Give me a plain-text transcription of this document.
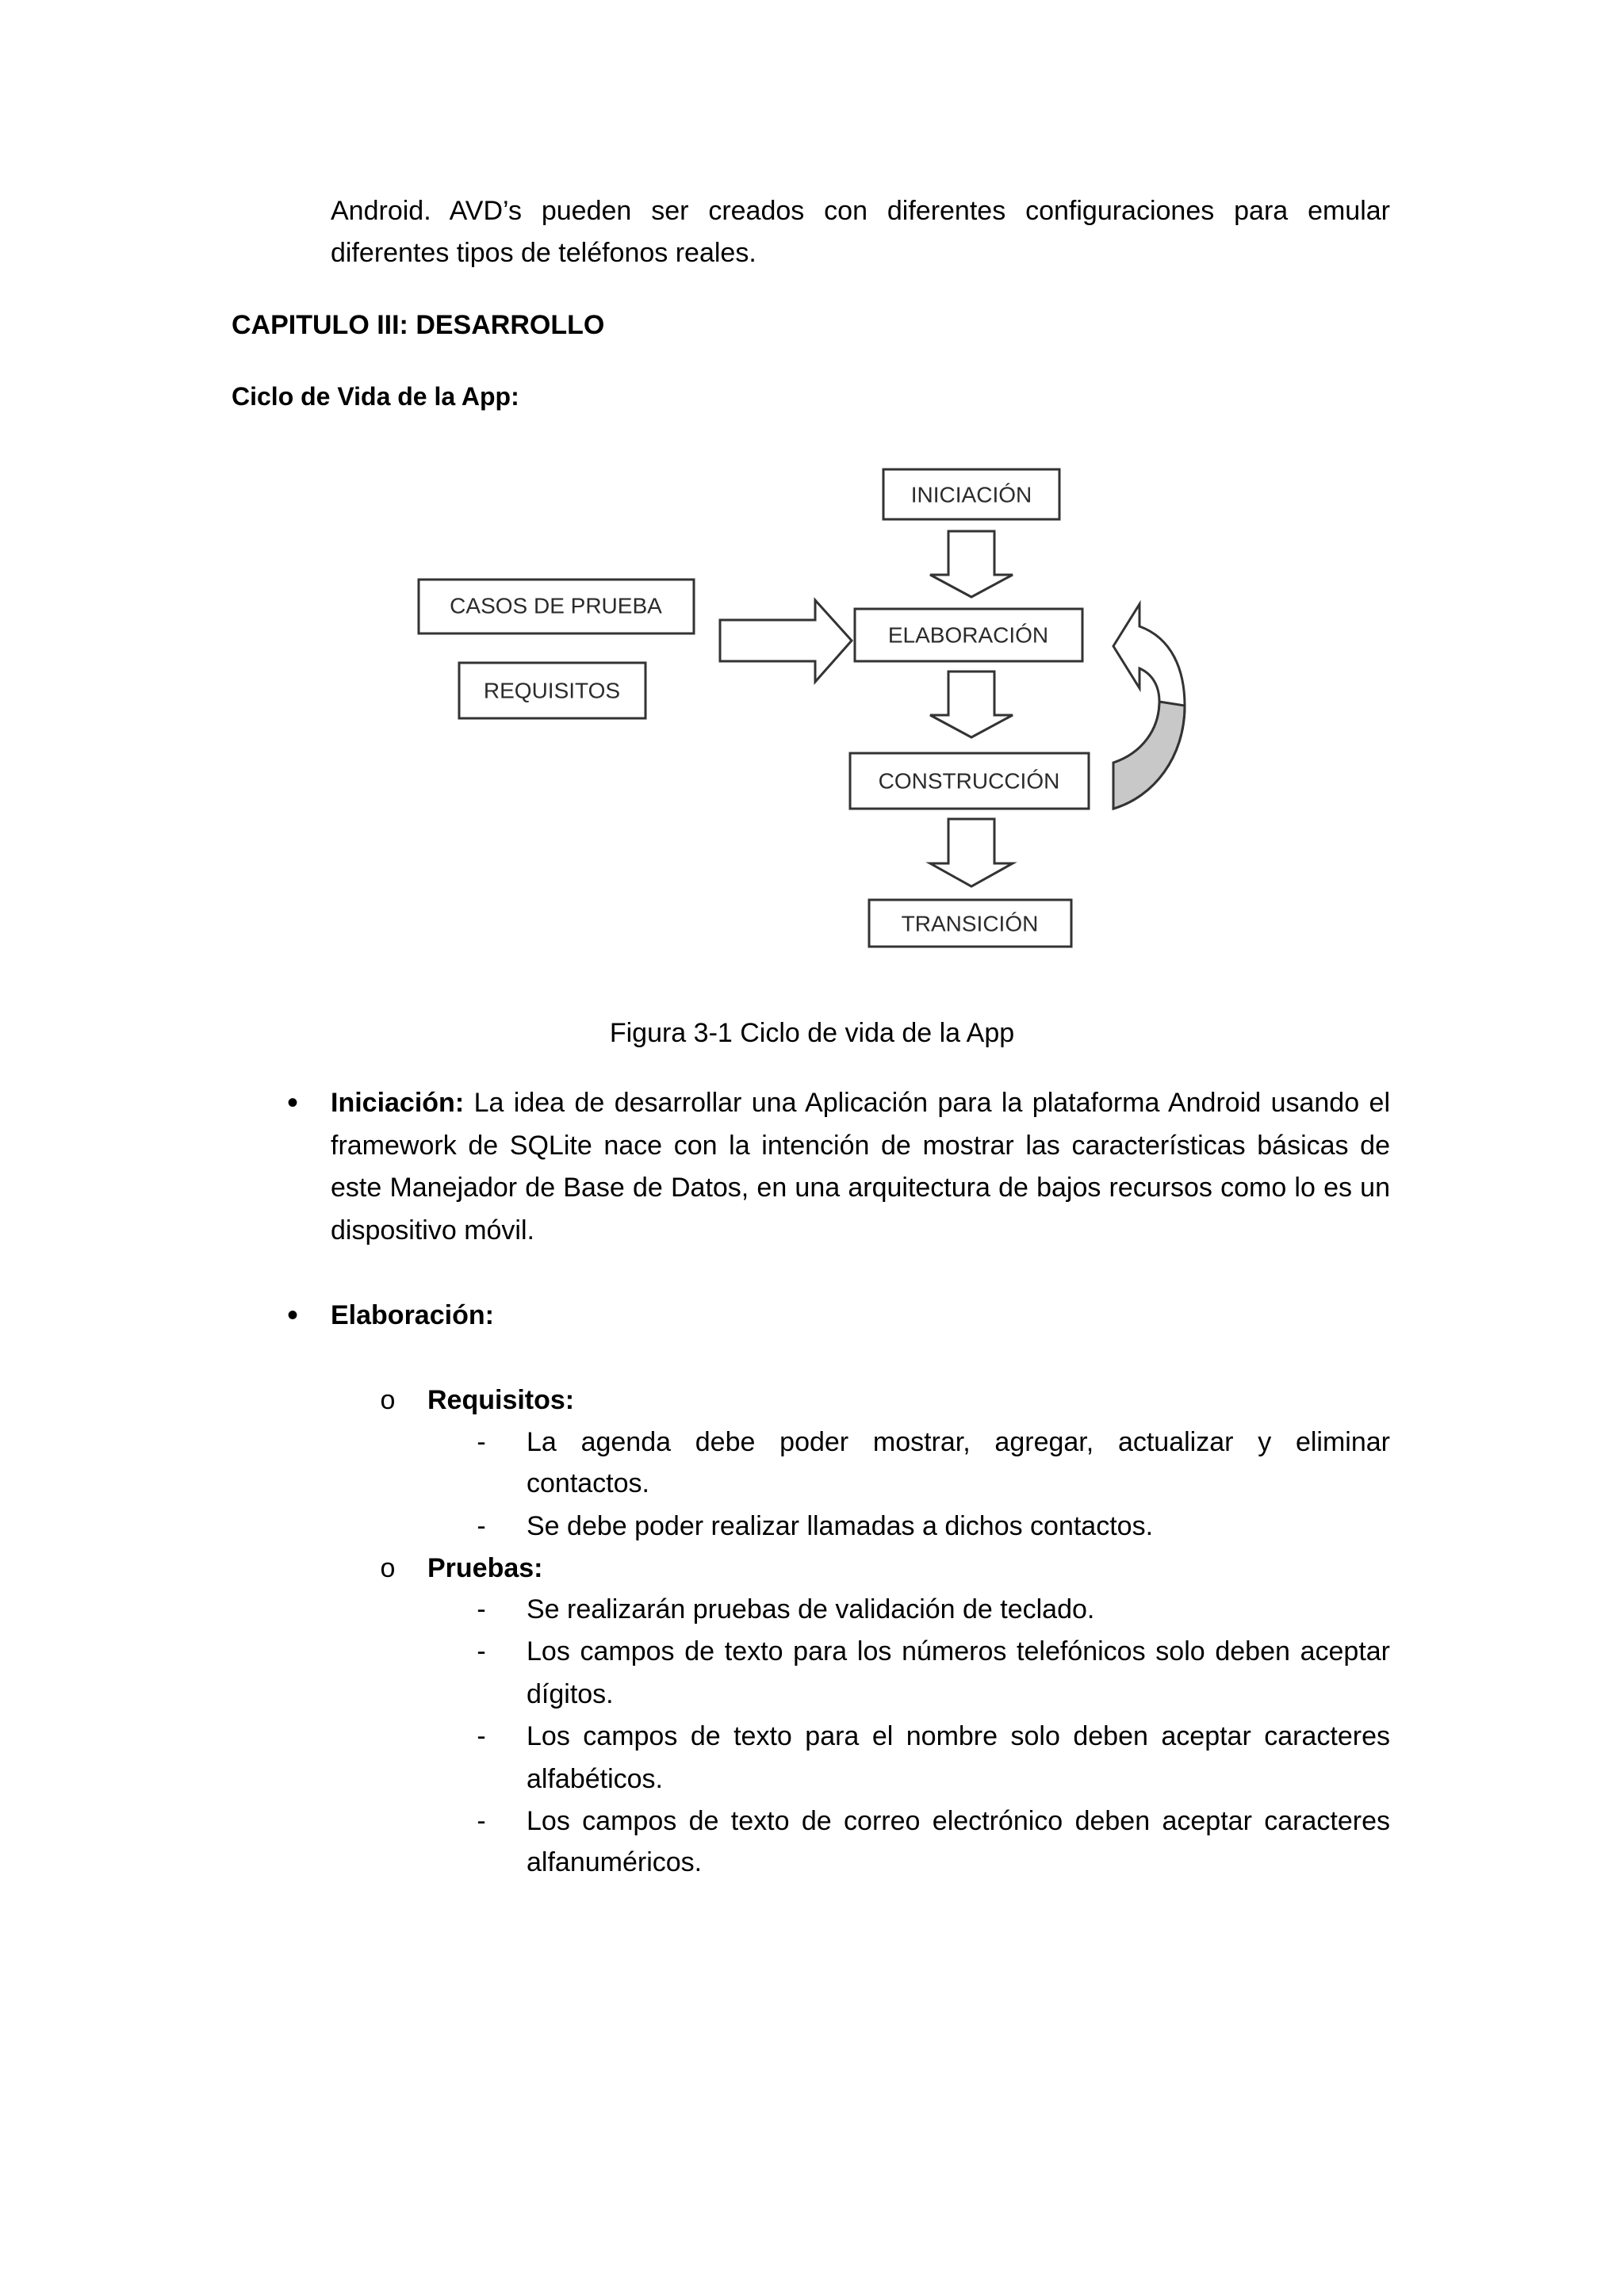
Android. AVD’s pueden ser creados con diferentes configuraciones para emular
diferentes tipos de teléfonos reales.
CAPITULO III: DESARROLLO
Ciclo de Vida de la App:
INICIACIÓN
CASOS DE PRUEBA
REQUISITOS
ELABORACIÓN
CONSTRUCCIÓN
TRANSICIÓN
Figura 3-1 Ciclo de vida de la App
• Iniciación: La idea de desarrollar una Aplicación para la plataforma Android usando el
framework de SQLite nace con la intención de mostrar las características básicas de
este Manejador de Base de Datos, en una arquitectura de bajos recursos como lo es un
dispositivo móvil.
• Elaboración:
o Requisitos:
-	La agenda debe poder mostrar, agregar, actualizar y eliminar
contactos.
-	Se debe poder realizar llamadas a dichos contactos.
o Pruebas:
-	Se realizarán pruebas de validación de teclado.
-	Los campos de texto para los números telefónicos solo deben aceptar
dígitos.
-	Los campos de texto para el nombre solo deben aceptar caracteres
alfabéticos.
-	Los campos de texto de correo electrónico deben aceptar caracteres
alfanuméricos.
